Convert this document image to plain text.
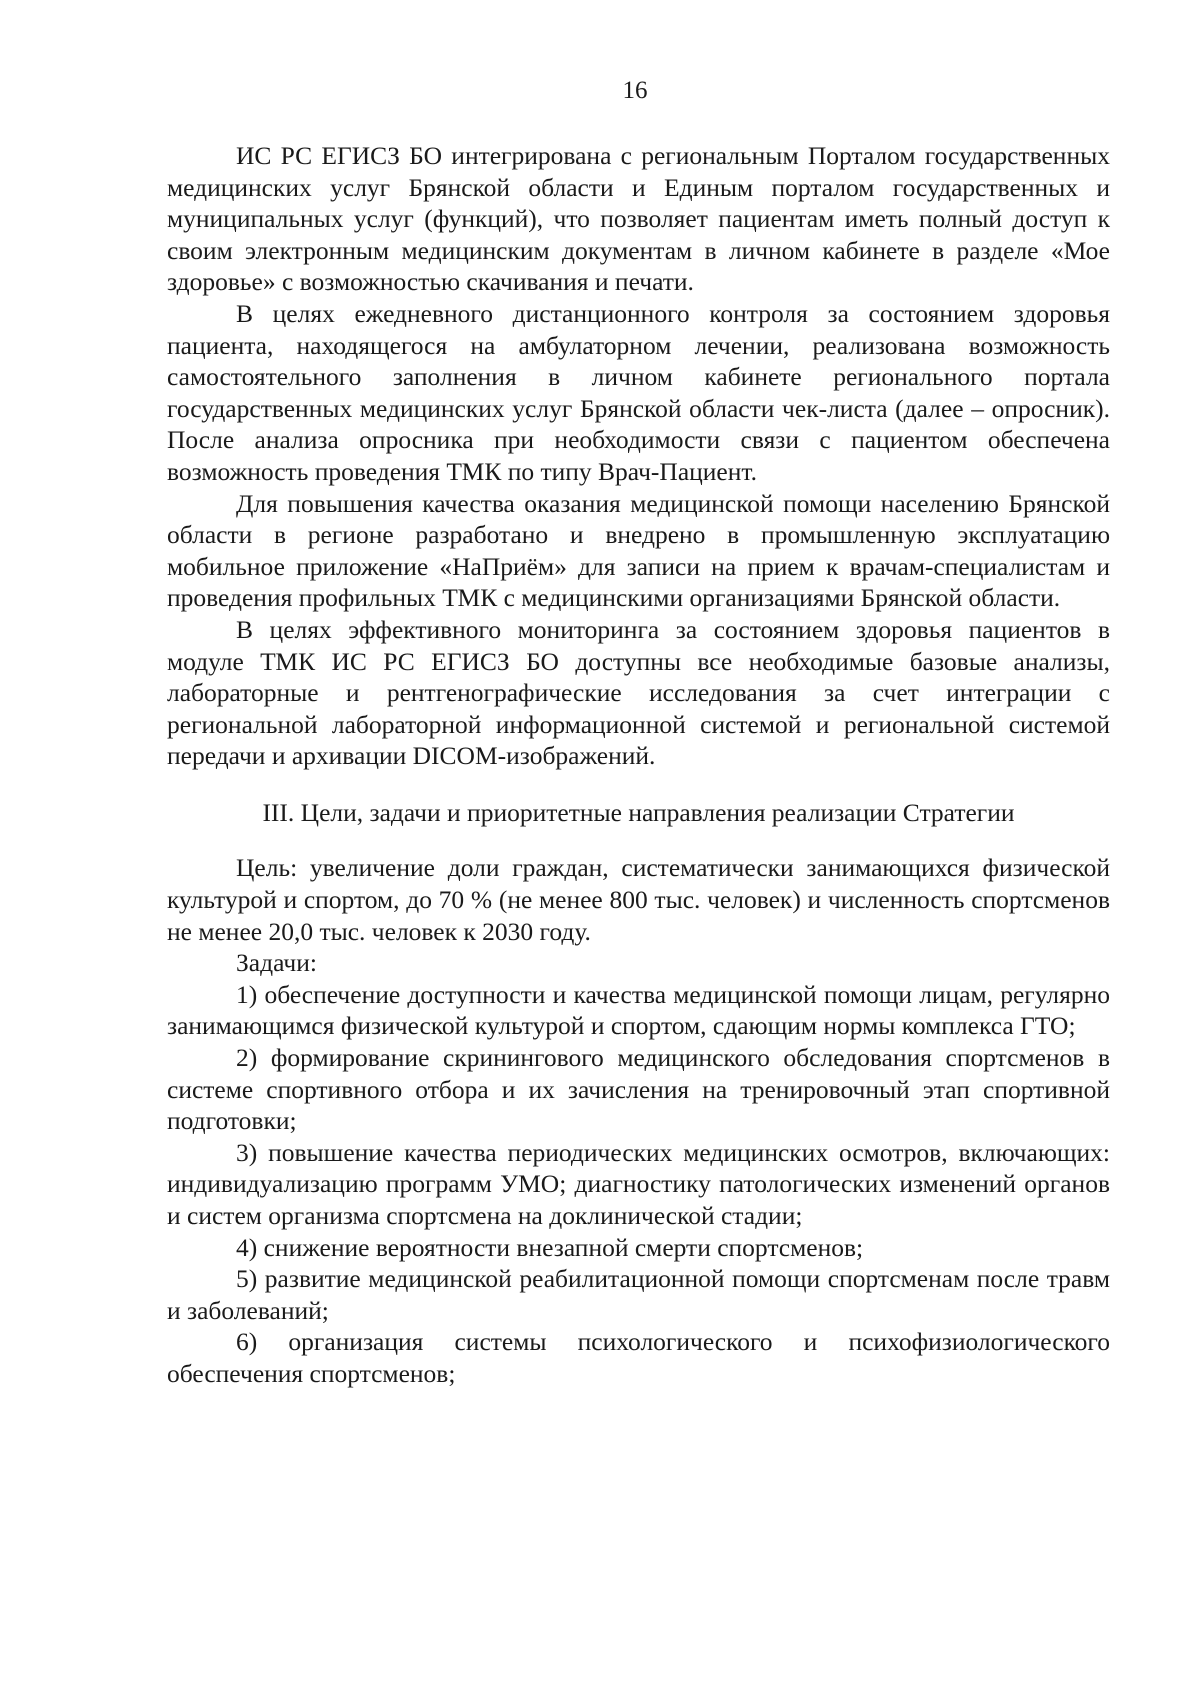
16

ИС РС ЕГИСЗ БО интегрирована с региональным Порталом государственных медицинских услуг Брянской области и Единым порталом государственных и муниципальных услуг (функций), что позволяет пациентам иметь полный доступ к своим электронным медицинским документам в личном кабинете в разделе «Мое здоровье» с возможностью скачивания и печати.

В целях ежедневного дистанционного контроля за состоянием здоровья пациента, находящегося на амбулаторном лечении, реализована возможность самостоятельного заполнения в личном кабинете регионального портала государственных медицинских услуг Брянской области чек-листа (далее – опросник). После анализа опросника при необходимости связи с пациентом обеспечена возможность проведения ТМК по типу Врач-Пациент.

Для повышения качества оказания медицинской помощи населению Брянской области в регионе разработано и внедрено в промышленную эксплуатацию мобильное приложение «НаПриём» для записи на прием к врачам-специалистам и проведения профильных ТМК с медицинскими организациями Брянской области.

В целях эффективного мониторинга за состоянием здоровья пациентов в модуле ТМК ИС РС ЕГИСЗ БО доступны все необходимые базовые анализы, лабораторные и рентгенографические исследования за счет интеграции с региональной лабораторной информационной системой и региональной системой передачи и архивации DICOM-изображений.

III. Цели, задачи и приоритетные направления реализации Стратегии

Цель: увеличение доли граждан, систематически занимающихся физической культурой и спортом, до 70 % (не менее 800 тыс. человек) и численность спортсменов не менее 20,0 тыс. человек к 2030 году.

Задачи:

1) обеспечение доступности и качества медицинской помощи лицам, регулярно занимающимся физической культурой и спортом, сдающим нормы комплекса ГТО;

2) формирование скринингового медицинского обследования спортсменов в системе спортивного отбора и их зачисления на тренировочный этап спортивной подготовки;

3) повышение качества периодических медицинских осмотров, включающих: индивидуализацию программ УМО; диагностику патологических изменений органов и систем организма спортсмена на доклинической стадии;

4) снижение вероятности внезапной смерти спортсменов;

5) развитие медицинской реабилитационной помощи спортсменам после травм и заболеваний;

6) организация системы психологического и психофизиологического обеспечения спортсменов;
